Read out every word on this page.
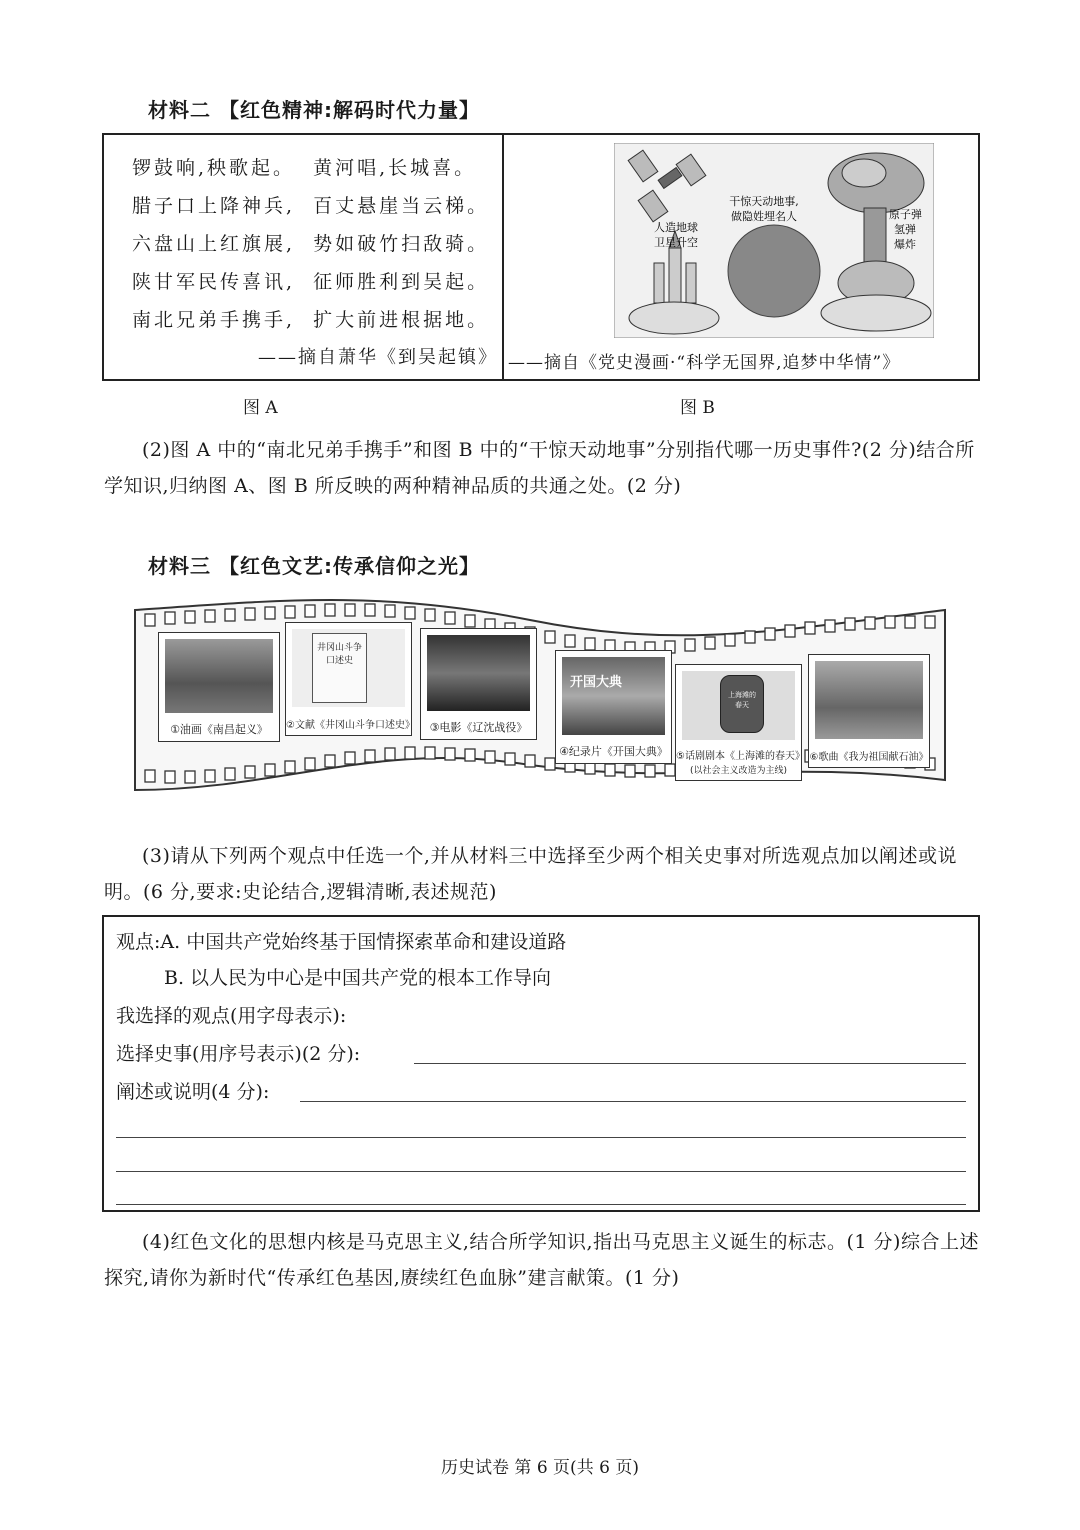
材料二 【红色精神:解码时代力量】
锣鼓响,秧歌起。  黄河唱,长城喜。
腊子口上降神兵,  百丈悬崖当云梯。
六盘山上红旗展,  势如破竹扫敌骑。
陕甘军民传喜讯,  征师胜利到吴起。
南北兄弟手携手,  扩大前进根据地。
——摘自萧华《到吴起镇》
干惊天动地事,
做隐姓埋名人
人造地球
卫星升空
原子弹
氢弹
爆炸
——摘自《党史漫画·“科学无国界,追梦中华情”》
图 A	图 B
(2)图 A 中的“南北兄弟手携手”和图 B 中的“干惊天动地事”分别指代哪一历史事件?(2 分)结合所学知识,归纳图 A、图 B 所反映的两种精神品质的共通之处。(2 分)
材料三 【红色文艺:传承信仰之光】
①油画《南昌起义》
井冈山斗争
口述史
②文献《井冈山斗争口述史》	③电影《辽沈战役》
开国大典
④纪录片《开国大典》
上海滩的
春天
⑤话剧剧本《上海滩的春天》
(以社会主义改造为主线)
⑥歌曲《我为祖国献石油》
(3)请从下列两个观点中任选一个,并从材料三中选择至少两个相关史事对所选观点加以阐述或说明。(6 分,要求:史论结合,逻辑清晰,表述规范)
观点:A. 中国共产党始终基于国情探索革命和建设道路
B. 以人民为中心是中国共产党的根本工作导向
我选择的观点(用字母表示):
选择史事(用序号表示)(2 分):
阐述或说明(4 分):
(4)红色文化的思想内核是马克思主义,结合所学知识,指出马克思主义诞生的标志。(1 分)综合上述探究,请你为新时代“传承红色基因,赓续红色血脉”建言献策。(1 分)
历史试卷 第 6 页(共 6 页)
